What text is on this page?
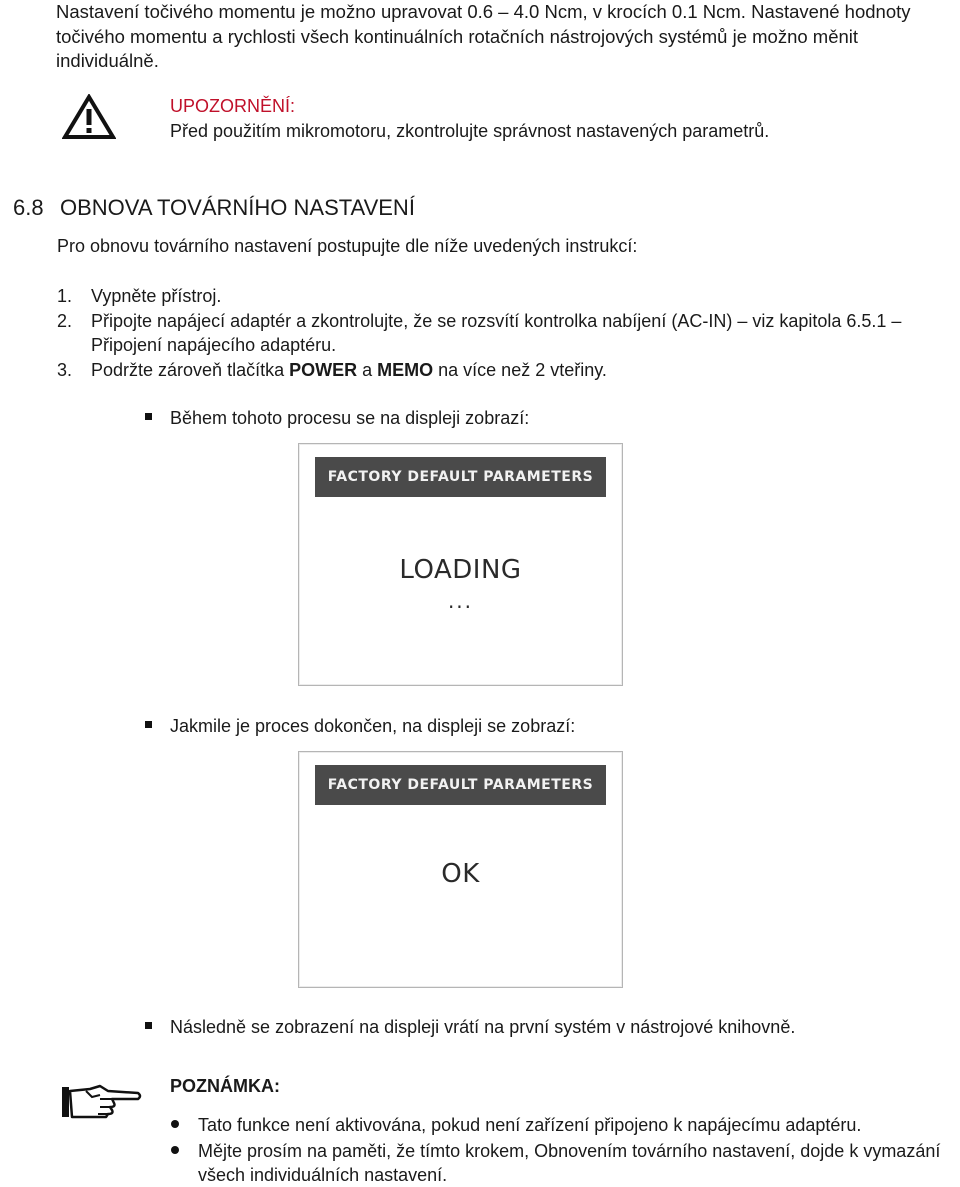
Nastavení točivého momentu je možno upravovat 0.6 – 4.0 Ncm, v krocích 0.1 Ncm. Nastavené hodnoty točivého momentu a rychlosti všech kontinuálních rotačních nástrojových systémů je možno měnit individuálně.
UPOZORNĚNÍ:
Před použitím mikromotoru, zkontrolujte správnost nastavených parametrů.
6.8 OBNOVA TOVÁRNÍHO NASTAVENÍ
Pro obnovu továrního nastavení postupujte dle níže uvedených instrukcí:
1. Vypněte přístroj.
2. Připojte napájecí adaptér a zkontrolujte, že se rozsvítí kontrolka nabíjení (AC-IN) – viz kapitola 6.5.1 – Připojení napájecího adaptéru.
3. Podržte zároveň tlačítka POWER a MEMO na více než 2 vteřiny.
Během tohoto procesu se na displeji zobrazí:
FACTORY DEFAULT PARAMETERS
LOADING
...
Jakmile je proces dokončen, na displeji se zobrazí:
FACTORY DEFAULT PARAMETERS
OK
Následně se zobrazení na displeji vrátí na první systém v nástrojové knihovně.
POZNÁMKA:
Tato funkce není aktivována, pokud není zařízení připojeno k napájecímu adaptéru.
Mějte prosím na paměti, že tímto krokem, Obnovením továrního nastavení, dojde k vymazání všech individuálních nastavení.
